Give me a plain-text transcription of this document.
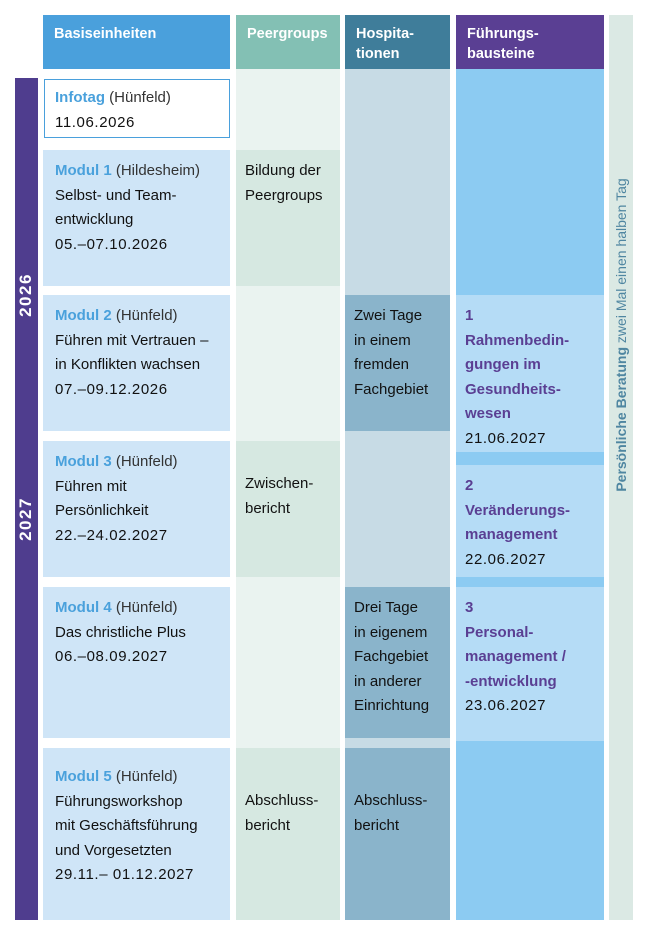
Basiseinheiten	Peergroups	Hospita-
tionen
Führungs-
bausteine
Persönliche Beratung zwei Mal einen halben Tag
2026
2027
Infotag (Hünfeld)
11.06.2026
Modul 1 (Hildesheim)
Selbst- und Team-
entwicklung
05.–07.10.2026
Modul 2 (Hünfeld)
Führen mit Vertrauen –
in Konflikten wachsen
07.–09.12.2026
Modul 3 (Hünfeld)
Führen mit
Persönlichkeit
22.–24.02.2027
Modul 4 (Hünfeld)
Das christliche Plus
06.–08.09.2027
Modul 5 (Hünfeld)
Führungsworkshop
mit Geschäftsführung
und Vorgesetzten
29.11.– 01.12.2027
Bildung der
Peergroups
Zwischen-
bericht
Abschluss-
bericht
Zwei Tage
in einem
fremden
Fachgebiet
Drei Tage
in eigenem
Fachgebiet
in anderer
Einrichtung
Abschluss-
bericht
1
Rahmenbedin-
gungen im
Gesundheits-
wesen
21.06.2027
2
Veränderungs-
management
22.06.2027
3
Personal-
management /
-entwicklung
23.06.2027
